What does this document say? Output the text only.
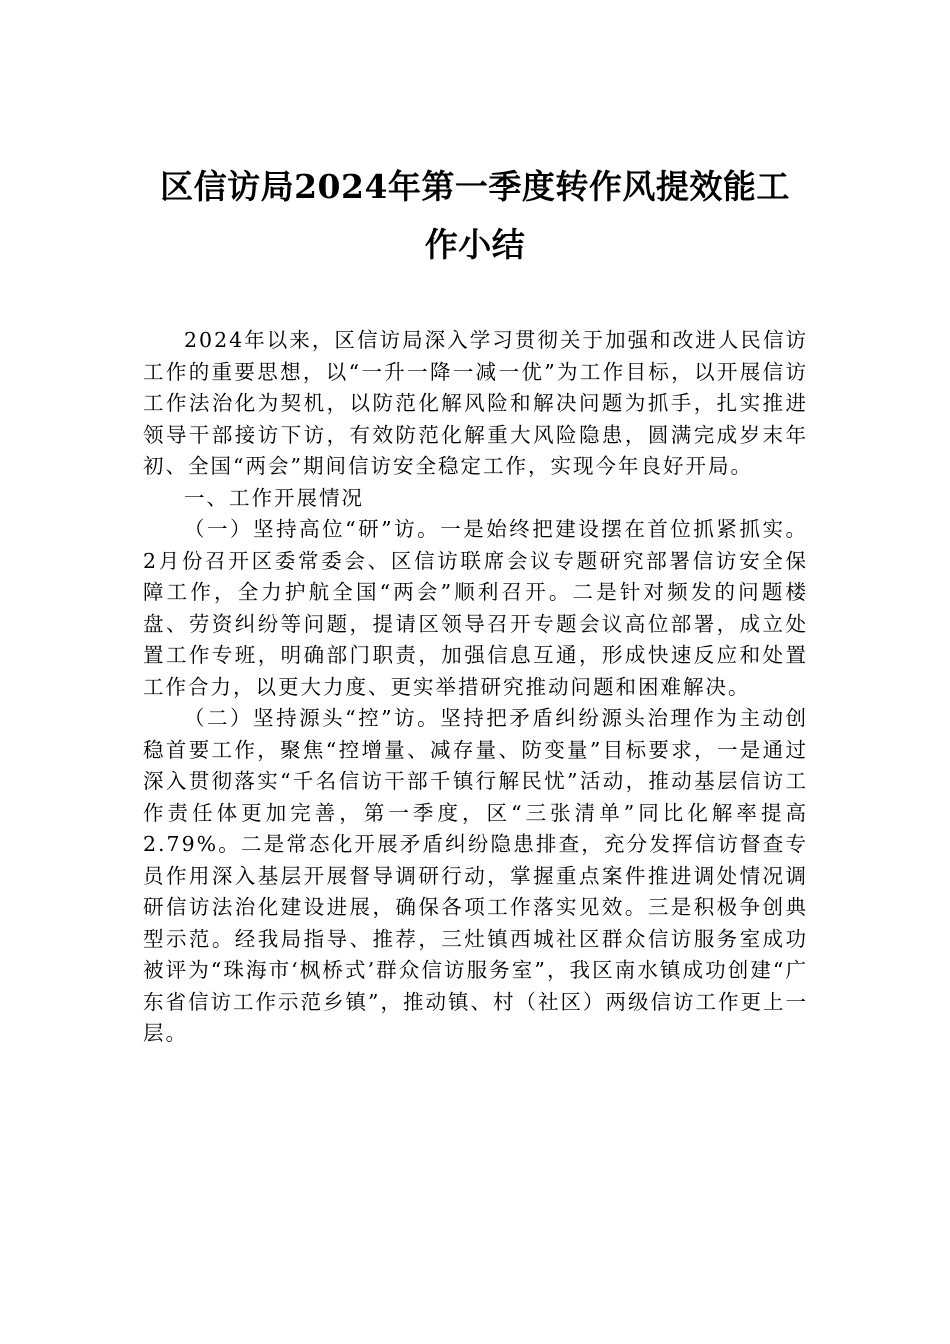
区信访局2024年第一季度转作风提效能工
作小结

2024年以来，区信访局深入学习贯彻关于加强和改进人民信访工作的重要思想，以“一升一降一减一优”为工作目标，以开展信访工作法治化为契机，以防范化解风险和解决问题为抓手，扎实推进领导干部接访下访，有效防范化解重大风险隐患，圆满完成岁末年初、全国“两会”期间信访安全稳定工作，实现今年良好开局。

一、工作开展情况

（一）坚持高位“研”访。一是始终把建设摆在首位抓紧抓实。2月份召开区委常委会、区信访联席会议专题研究部署信访安全保障工作，全力护航全国“两会”顺利召开。二是针对频发的问题楼盘、劳资纠纷等问题，提请区领导召开专题会议高位部署，成立处置工作专班，明确部门职责，加强信息互通，形成快速反应和处置工作合力，以更大力度、更实举措研究推动问题和困难解决。

（二）坚持源头“控”访。坚持把矛盾纠纷源头治理作为主动创稳首要工作，聚焦“控增量、减存量、防变量”目标要求，一是通过深入贯彻落实“千名信访干部千镇行解民忧”活动，推动基层信访工作责任体更加完善，第一季度，区“三张清单”同比化解率提高2.79%。二是常态化开展矛盾纠纷隐患排查，充分发挥信访督查专员作用深入基层开展督导调研行动，掌握重点案件推进调处情况调研信访法治化建设进展，确保各项工作落实见效。三是积极争创典型示范。经我局指导、推荐，三灶镇西城社区群众信访服务室成功被评为“珠海市‘枫桥式’群众信访服务室”，我区南水镇成功创建“广东省信访工作示范乡镇”，推动镇、村（社区）两级信访工作更上一层。
